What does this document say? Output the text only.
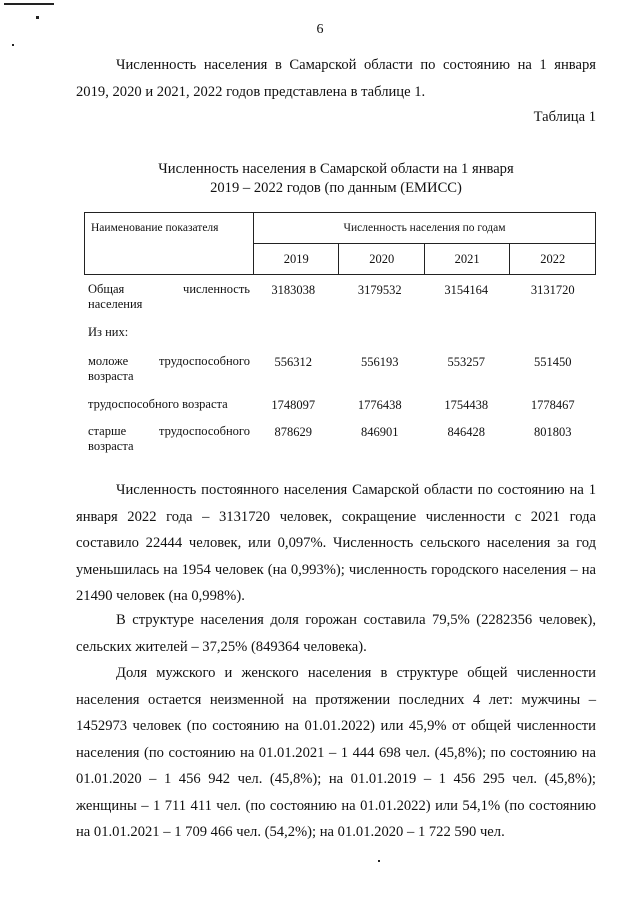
6
Численность населения в Самарской области по состоянию на 1 января 2019, 2020 и 2021, 2022 годов представлена в таблице 1.
Таблица 1
Численность населения в Самарской области на 1 января
2019 – 2022 годов (по данным (ЕМИСС)
Наименование показателя	Численность населения по годам			
	2019	2020	2021	2022
Общая численность
населения	3183038	3179532	3154164	3131720
Из них:				
моложе трудоспособного
возраста	556312	556193	553257	551450
трудоспособного возраста	1748097	1776438	1754438	1778467
старше трудоспособного
возраста	878629	846901	846428	801803
Численность постоянного населения Самарской области по состоянию на 1 января 2022 года – 3131720 человек, сокращение численности с 2021 года составило 22444 человек, или 0,097%. Численность сельского населения за год уменьшилась на 1954 человек (на 0,993%); численность городского населения – на 21490 человек (на 0,998%).
В структуре населения доля горожан составила 79,5% (2282356 человек), сельских жителей – 37,25% (849364 человека).
Доля мужского и женского населения в структуре общей численности населения остается неизменной на протяжении последних 4 лет: мужчины – 1452973 человек (по состоянию на 01.01.2022) или 45,9% от общей численности населения (по состоянию на 01.01.2021 – 1 444 698 чел. (45,8%); по состоянию на 01.01.2020 – 1 456 942 чел. (45,8%); на 01.01.2019 – 1 456 295 чел. (45,8%); женщины – 1 711 411 чел. (по состоянию на 01.01.2022) или 54,1% (по состоянию на 01.01.2021 – 1 709 466 чел. (54,2%); на 01.01.2020 – 1 722 590 чел.
